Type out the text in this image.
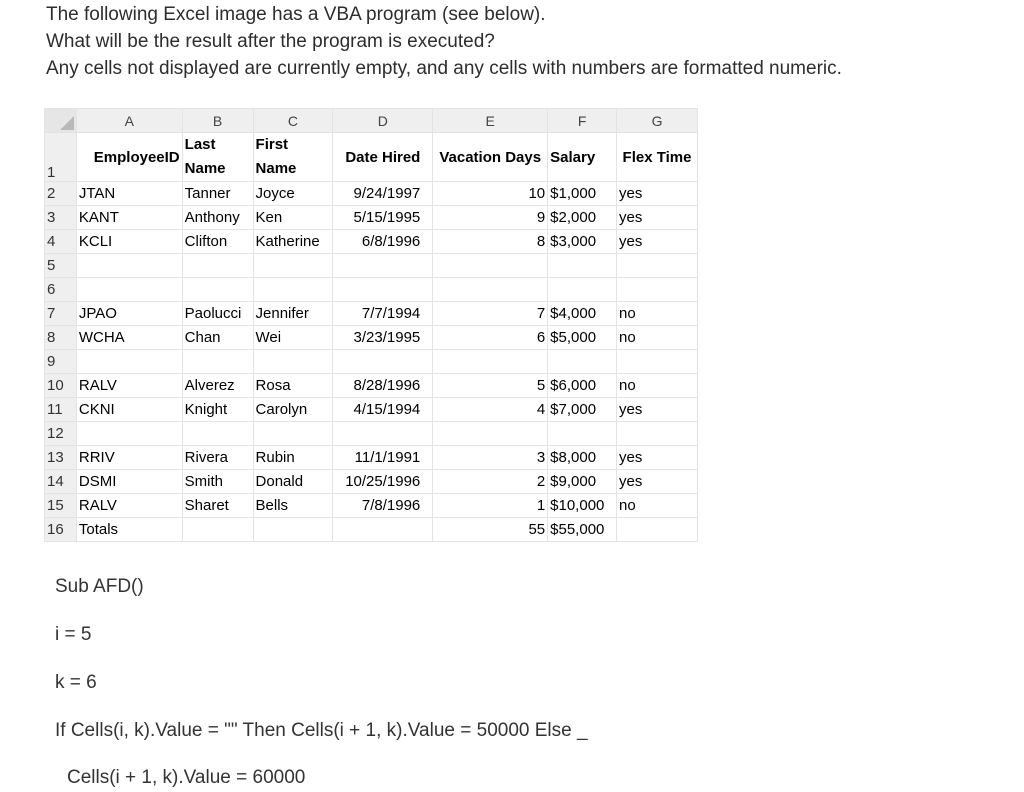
The following Excel image has a VBA program (see below).
What will be the result after the program is executed?
Any cells not displayed are currently empty, and any cells with numbers are formatted numeric.
	A	B	C	D	E	F	G
1	EmployeeID	Last Name	First Name	Date Hired	Vacation Days	Salary	Flex Time
2	JTAN	Tanner	Joyce	9/24/1997	10	$1,000	yes
3	KANT	Anthony	Ken	5/15/1995	9	$2,000	yes
4	KCLI	Clifton	Katherine	6/8/1996	8	$3,000	yes
5							
6							
7	JPAO	Paolucci	Jennifer	7/7/1994	7	$4,000	no
8	WCHA	Chan	Wei	3/23/1995	6	$5,000	no
9							
10	RALV	Alverez	Rosa	8/28/1996	5	$6,000	no
11	CKNI	Knight	Carolyn	4/15/1994	4	$7,000	yes
12							
13	RRIV	Rivera	Rubin	11/1/1991	3	$8,000	yes
14	DSMI	Smith	Donald	10/25/1996	2	$9,000	yes
15	RALV	Sharet	Bells	7/8/1996	1	$10,000	no
16	Totals				55	$55,000	
Sub AFD()
i = 5
k = 6
If Cells(i, k).Value = "" Then Cells(i + 1, k).Value = 50000 Else _
Cells(i + 1, k).Value = 60000
